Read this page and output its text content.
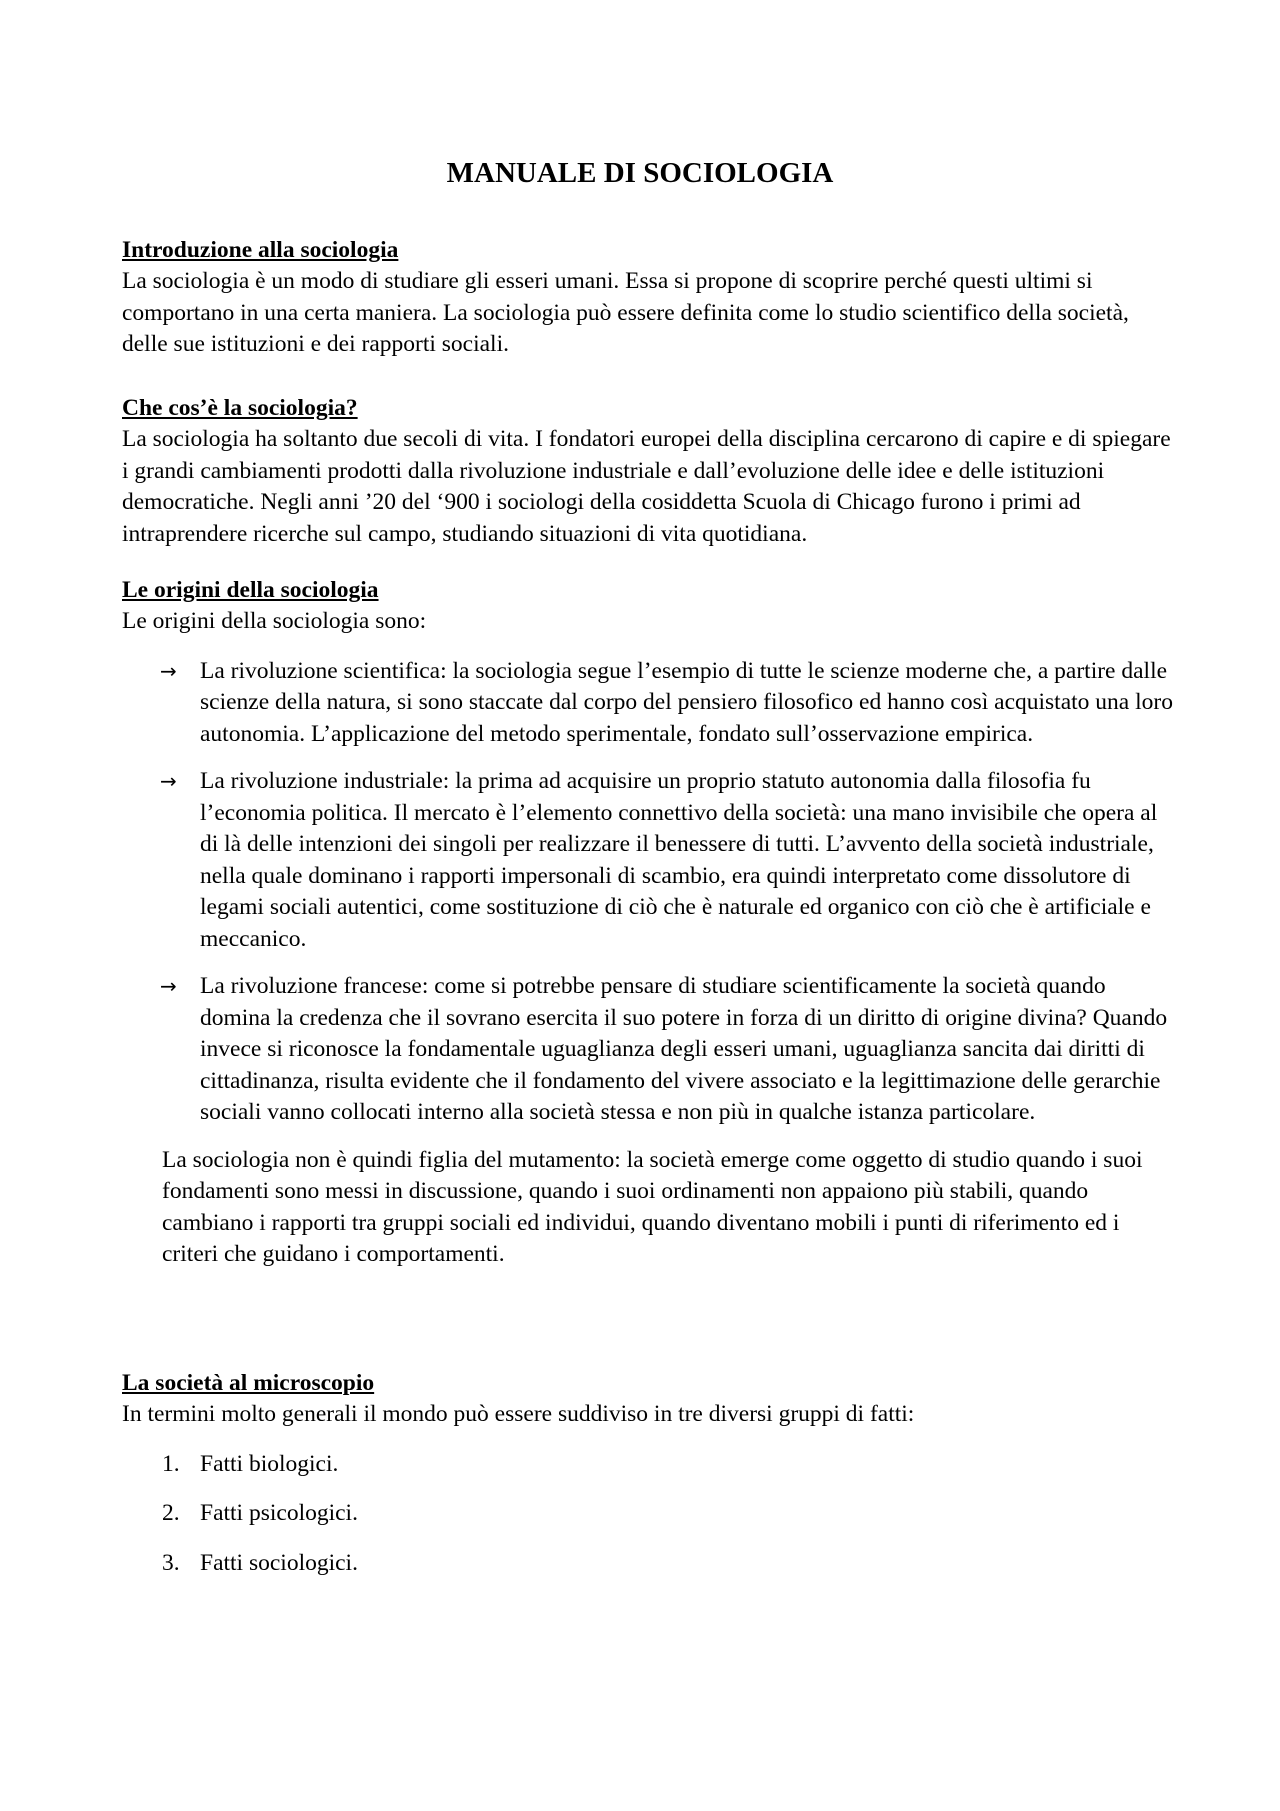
MANUALE DI SOCIOLOGIA

Introduzione alla sociologia

La sociologia è un modo di studiare gli esseri umani. Essa si propone di scoprire perché questi ultimi si comportano in una certa maniera. La sociologia può essere definita come lo studio scientifico della società, delle sue istituzioni e dei rapporti sociali.

Che cos’è la sociologia?

La sociologia ha soltanto due secoli di vita. I fondatori europei della disciplina cercarono di capire e di spiegare i grandi cambiamenti prodotti dalla rivoluzione industriale e dall’evoluzione delle idee e delle istituzioni democratiche. Negli anni ’20 del ‘900 i sociologi della cosiddetta Scuola di Chicago furono i primi ad intraprendere ricerche sul campo, studiando situazioni di vita quotidiana.

Le origini della sociologia

Le origini della sociologia sono:

→ La rivoluzione scientifica: la sociologia segue l’esempio di tutte le scienze moderne che, a partire dalle scienze della natura, si sono staccate dal corpo del pensiero filosofico ed hanno così acquistato una loro autonomia. L’applicazione del metodo sperimentale, fondato sull’osservazione empirica.
→ La rivoluzione industriale: la prima ad acquisire un proprio statuto autonomia dalla filosofia fu l’economia politica. Il mercato è l’elemento connettivo della società: una mano invisibile che opera al di là delle intenzioni dei singoli per realizzare il benessere di tutti. L’avvento della società industriale, nella quale dominano i rapporti impersonali di scambio, era quindi interpretato come dissolutore di legami sociali autentici, come sostituzione di ciò che è naturale ed organico con ciò che è artificiale e meccanico.
→ La rivoluzione francese: come si potrebbe pensare di studiare scientificamente la società quando domina la credenza che il sovrano esercita il suo potere in forza di un diritto di origine divina? Quando invece si riconosce la fondamentale uguaglianza degli esseri umani, uguaglianza sancita dai diritti di cittadinanza, risulta evidente che il fondamento del vivere associato e la legittimazione delle gerarchie sociali vanno collocati interno alla società stessa e non più in qualche istanza particolare.

La sociologia non è quindi figlia del mutamento: la società emerge come oggetto di studio quando i suoi fondamenti sono messi in discussione, quando i suoi ordinamenti non appaiono più stabili, quando cambiano i rapporti tra gruppi sociali ed individui, quando diventano mobili i punti di riferimento ed i criteri che guidano i comportamenti.

La società al microscopio

In termini molto generali il mondo può essere suddiviso in tre diversi gruppi di fatti:

1. Fatti biologici.
2. Fatti psicologici.
3. Fatti sociologici.
